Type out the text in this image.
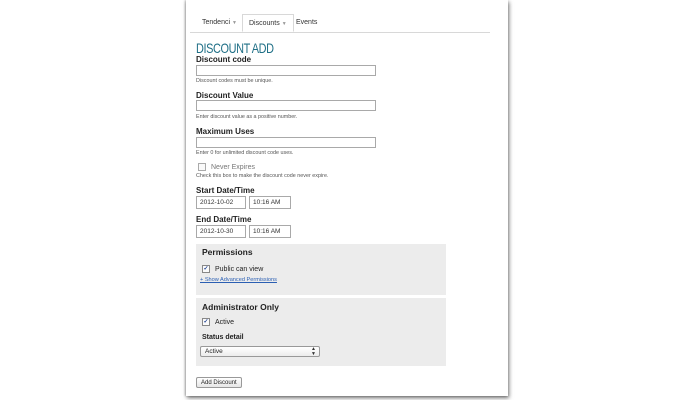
Tendenci ▼	Discounts ▼	Events
DISCOUNT ADD
Discount code
Discount codes must be unique.
Discount Value
Enter discount value as a positive number.
Maximum Uses
Enter 0 for unlimited discount code uses.
Never Expires
Check this box to make the discount code never expire.
Start Date/Time
2012-10-02	10:16 AM
End Date/Time
2012-10-30	10:16 AM
Permissions
✓ Public can view
+ Show Advanced Permissions
Administrator Only
✓ Active
Status detail
Active	▲
▼
Add Discount
